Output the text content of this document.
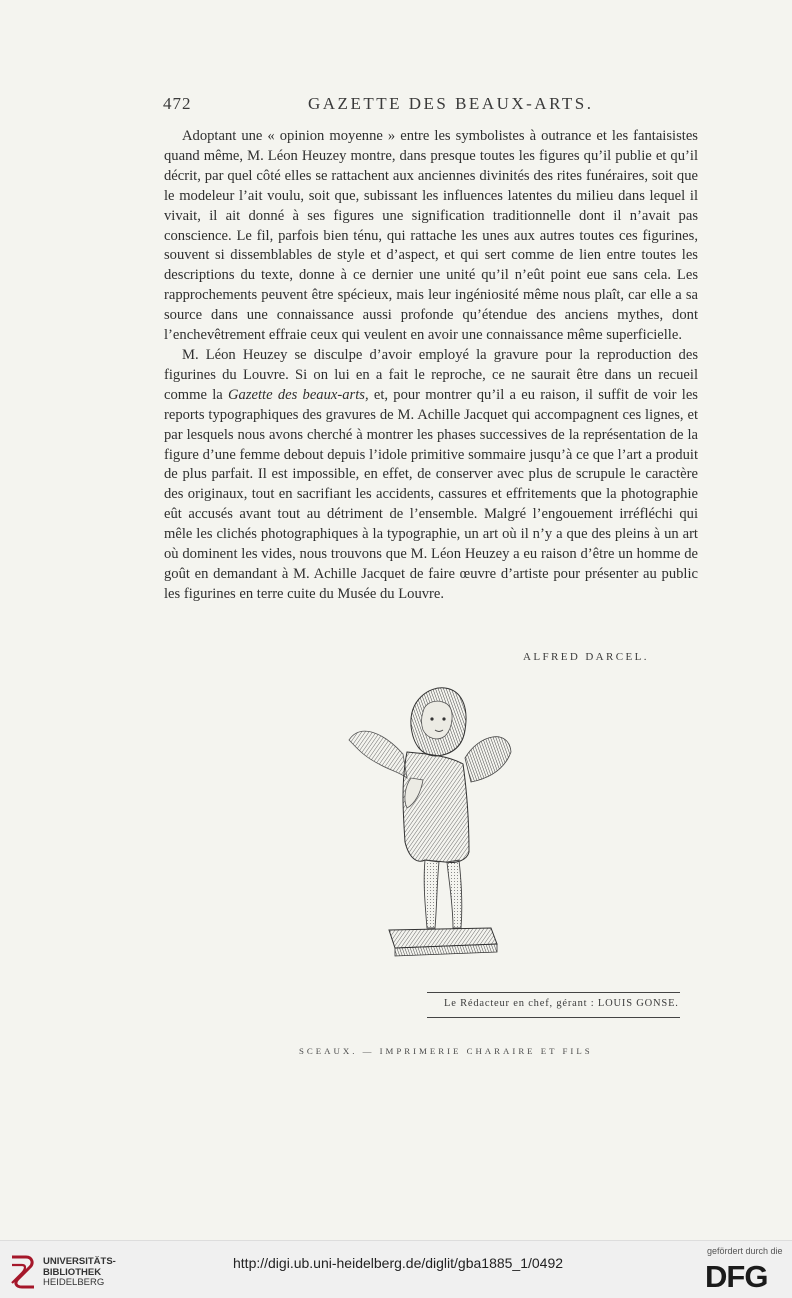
472	GAZETTE DES BEAUX-ARTS.

Adoptant une « opinion moyenne » entre les symbolistes à outrance et les fantaisistes quand même, M. Léon Heuzey montre, dans presque toutes les figures qu’il publie et qu’il décrit, par quel côté elles se rattachent aux anciennes divinités des rites funéraires, soit que le modeleur l’ait voulu, soit que, subissant les influences latentes du milieu dans lequel il vivait, il ait donné à ses figures une signification traditionnelle dont il n’avait pas conscience. Le fil, parfois bien ténu, qui rattache les unes aux autres toutes ces figurines, souvent si dissemblables de style et d’aspect, et qui sert comme de lien entre toutes les descriptions du texte, donne à ce dernier une unité qu’il n’eût point eue sans cela. Les rapprochements peuvent être spécieux, mais leur ingéniosité même nous plaît, car elle a sa source dans une connaissance aussi profonde qu’étendue des anciens mythes, dont l’enchevêtrement effraie ceux qui veulent en avoir une connaissance même superficielle.

M. Léon Heuzey se disculpe d’avoir employé la gravure pour la reproduction des figurines du Louvre. Si on lui en a fait le reproche, ce ne saurait être dans un recueil comme la Gazette des beaux-arts, et, pour montrer qu’il a eu raison, il suffit de voir les reports typographiques des gravures de M. Achille Jacquet qui accompagnent ces lignes, et par lesquels nous avons cherché à montrer les phases successives de la représentation de la figure d’une femme debout depuis l’idole primitive sommaire jusqu’à ce que l’art a produit de plus parfait. Il est impossible, en effet, de conserver avec plus de scrupule le caractère des originaux, tout en sacrifiant les accidents, cassures et effritements que la photographie eût accusés avant tout au détriment de l’ensemble. Malgré l’engouement irréfléchi qui mêle les clichés photographiques à la typographie, un art où il n’y a que des pleins à un art où dominent les vides, nous trouvons que M. Léon Heuzey a eu raison d’être un homme de goût en demandant à M. Achille Jacquet de faire œuvre d’artiste pour présenter au public les figurines en terre cuite du Musée du Louvre.

ALFRED DARCEL.
Le Rédacteur en chef, gérant : LOUIS GONSE.
SCEAUX. — IMPRIMERIE CHARAIRE ET FILS
UNIVERSITÄTS-
BIBLIOTHEK
HEIDELBERG
http://digi.ub.uni-heidelberg.de/diglit/gba1885_1/0492
gefördert durch die
DFG
